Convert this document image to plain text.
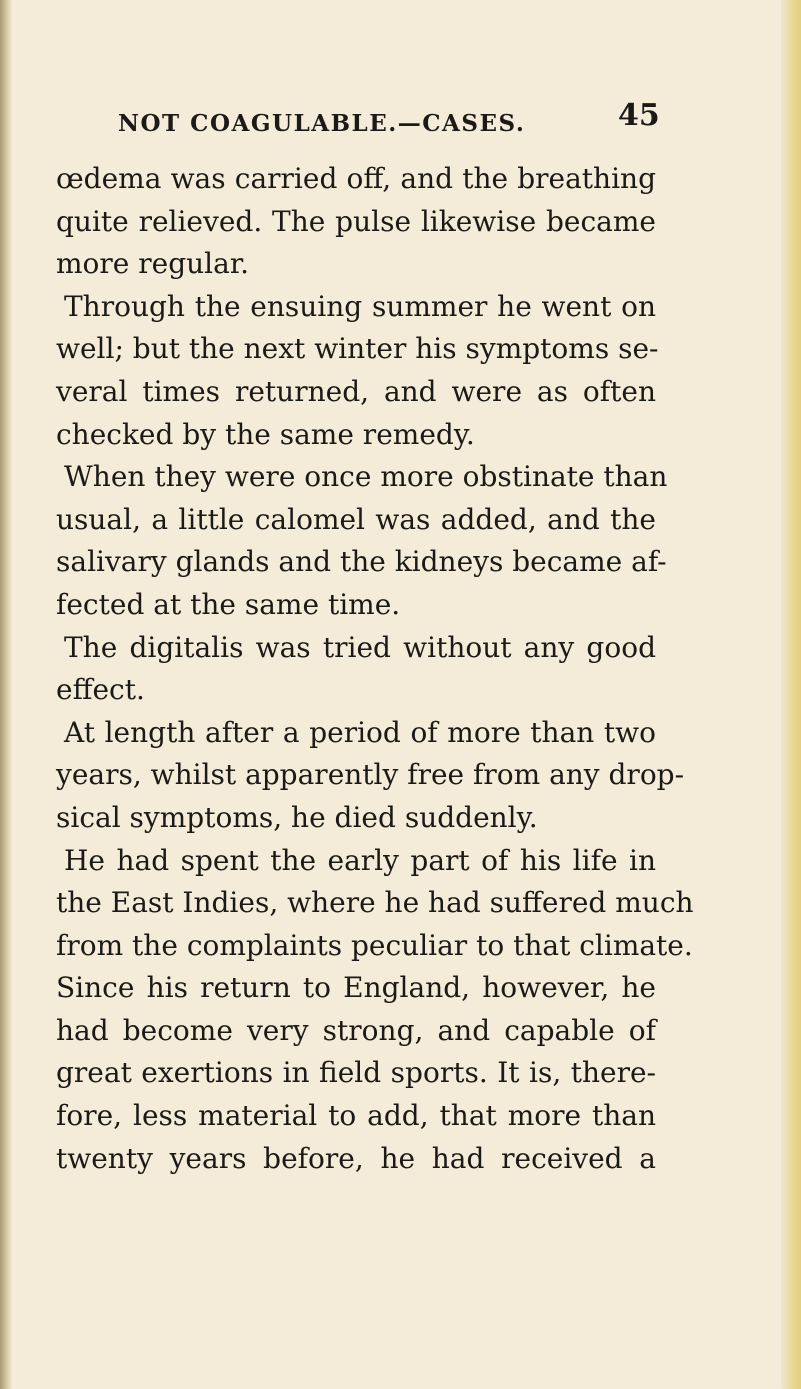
NOT COAGULABLE.—CASES.	45
œdema was carried off, and the breathing
quite relieved. The pulse likewise became
more regular.
Through the ensuing summer he went on
well; but the next winter his symptoms se-
veral times returned, and were as often
checked by the same remedy.
When they were once more obstinate than
usual, a little calomel was added, and the
salivary glands and the kidneys became af-
fected at the same time.
The digitalis was tried without any good
effect.
At length after a period of more than two
years, whilst apparently free from any drop-
sical symptoms, he died suddenly.
He had spent the early part of his life in
the East Indies, where he had suffered much
from the complaints peculiar to that climate.
Since his return to England, however, he
had become very strong, and capable of
great exertions in field sports. It is, there-
fore, less material to add, that more than
twenty years before, he had received a
